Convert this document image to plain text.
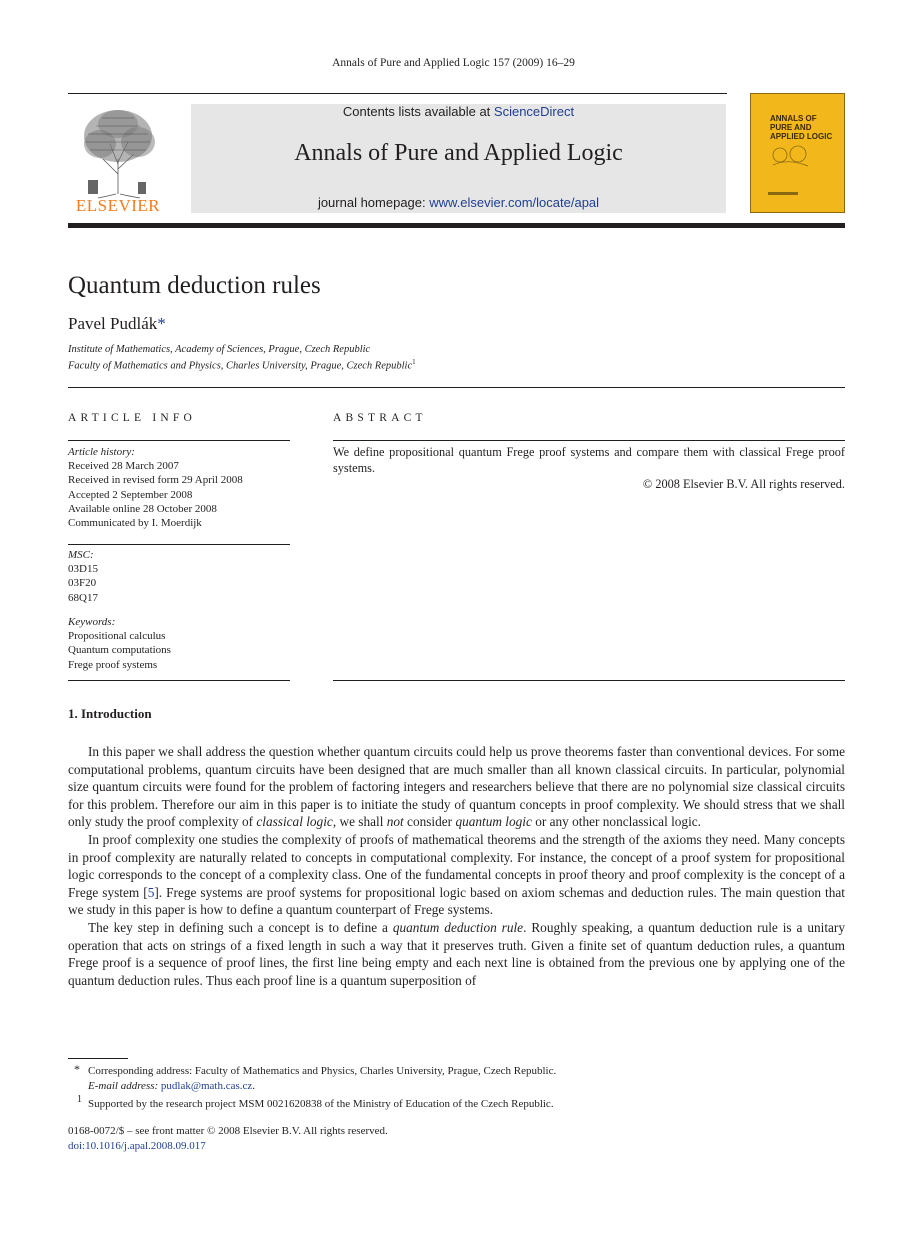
Annals of Pure and Applied Logic 157 (2009) 16–29
ELSEVIER
Contents lists available at ScienceDirect
Annals of Pure and Applied Logic
journal homepage: www.elsevier.com/locate/apal
ANNALS OF PURE AND APPLIED LOGIC
Quantum deduction rules
Pavel Pudlák*
Institute of Mathematics, Academy of Sciences, Prague, Czech Republic
Faculty of Mathematics and Physics, Charles University, Prague, Czech Republic$^1$
ARTICLE INFO
Article history:
Received 28 March 2007
Received in revised form 29 April 2008
Accepted 2 September 2008
Available online 28 October 2008
Communicated by I. Moerdijk
MSC:
03D15
03F20
68Q17
Keywords:
Propositional calculus
Quantum computations
Frege proof systems
ABSTRACT
We define propositional quantum Frege proof systems and compare them with classical Frege proof systems.
© 2008 Elsevier B.V. All rights reserved.
1. Introduction

In this paper we shall address the question whether quantum circuits could help us prove theorems faster than conventional devices. For some computational problems, quantum circuits have been designed that are much smaller than all known classical circuits. In particular, polynomial size quantum circuits were found for the problem of factoring integers and researchers believe that there are no polynomial size classical circuits for this problem. Therefore our aim in this paper is to initiate the study of quantum concepts in proof complexity. We should stress that we shall only study the proof complexity of classical logic, we shall not consider quantum logic or any other nonclassical logic.

In proof complexity one studies the complexity of proofs of mathematical theorems and the strength of the axioms they need. Many concepts in proof complexity are naturally related to concepts in computational complexity. For instance, the concept of a proof system for propositional logic corresponds to the concept of a complexity class. One of the fundamental concepts in proof theory and proof complexity is the concept of a Frege system [5]. Frege systems are proof systems for propositional logic based on axiom schemas and deduction rules. The main question that we study in this paper is how to define a quantum counterpart of Frege systems.

The key step in defining such a concept is to define a quantum deduction rule. Roughly speaking, a quantum deduction rule is a unitary operation that acts on strings of a fixed length in such a way that it preserves truth. Given a finite set of quantum deduction rules, a quantum Frege proof is a sequence of proof lines, the first line being empty and each next line is obtained from the previous one by applying one of the quantum deduction rules. Thus each proof line is a quantum superposition of

* Corresponding address: Faculty of Mathematics and Physics, Charles University, Prague, Czech Republic.
E-mail address: pudlak@math.cas.cz.
1 Supported by the research project MSM 0021620838 of the Ministry of Education of the Czech Republic.
0168-0072/$ – see front matter © 2008 Elsevier B.V. All rights reserved.
doi:10.1016/j.apal.2008.09.017
